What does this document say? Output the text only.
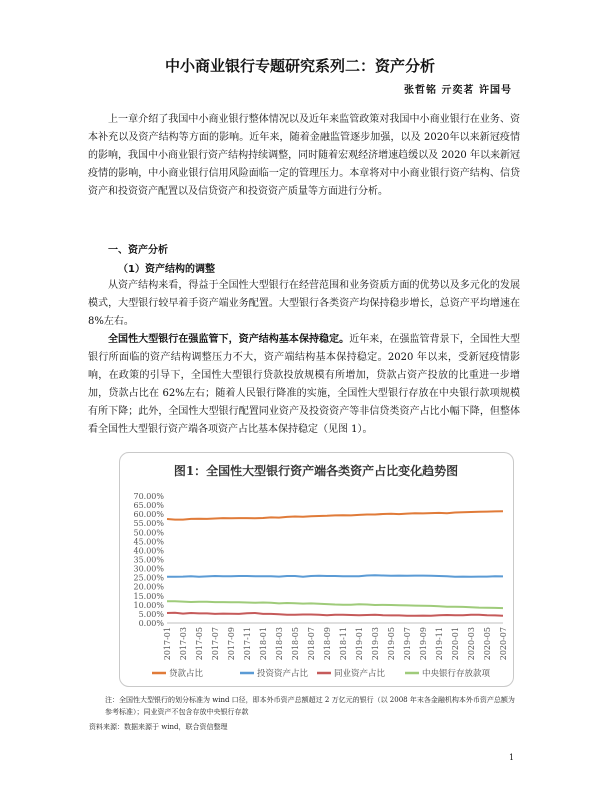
中小商业银行专题研究系列二：资产分析
张哲铭 亓奕茗 许国号

上一章介绍了我国中小商业银行整体情况以及近年来监管政策对我国中小商业银行在业务、资本补充以及资产结构等方面的影响。近年来，随着金融监管逐步加强，以及 2020年以来新冠疫情的影响，我国中小商业银行资产结构持续调整，同时随着宏观经济增速趋缓以及 2020 年以来新冠疫情的影响，中小商业银行信用风险面临一定的管理压力。本章将对中小商业银行资产结构、信贷资产和投资资产配置以及信贷资产和投资资产质量等方面进行分析。

一、资产分析
（1）资产结构的调整

从资产结构来看，得益于全国性大型银行在经营范围和业务资质方面的优势以及多元化的发展模式，大型银行较早着手资产端业务配置。大型银行各类资产均保持稳步增长，总资产平均增速在 8%左右。

全国性大型银行在强监管下，资产结构基本保持稳定。近年来，在强监管背景下，全国性大型银行所面临的资产结构调整压力不大，资产端结构基本保持稳定。2020 年以来，受新冠疫情影响，在政策的引导下，全国性大型银行贷款投放规模有所增加，贷款占资产投放的比重进一步增加，贷款占比在 62%左右；随着人民银行降准的实施，全国性大型银行存放在中央银行款项规模有所下降；此外，全国性大型银行配置同业资产及投资资产等非信贷类资产占比小幅下降，但整体看全国性大型银行资产端各项资产占比基本保持稳定（见图 1）。

图1：全国性大型银行资产端各类资产占比变化趋势图
70.00%
65.00%
60.00%
55.00%
50.00%
45.00%
40.00%
35.00%
30.00%
25.00%
20.00%
15.00%
10.00%
5.00%
0.00%
2017-01 2017-03 2017-05 2017-07 2017-09 2017-11 2018-01 2018-03 2018-05 2018-07 2018-09 2018-11 2019-01 2019-03 2019-05 2019-07 2019-09 2019-11 2020-01 2020-03 2020-05 2020-07
贷款占比	投资资产占比	同业资产占比	中央银行存放款项
注：全国性大型银行的划分标准为 wind 口径，即本外币资产总额超过 2 万亿元的银行（以 2008 年末各金融机构本外币资产总额为参考标准）；同业资产不包含存放中央银行存款
资料来源：数据来源于 wind，联合资信整理
1
